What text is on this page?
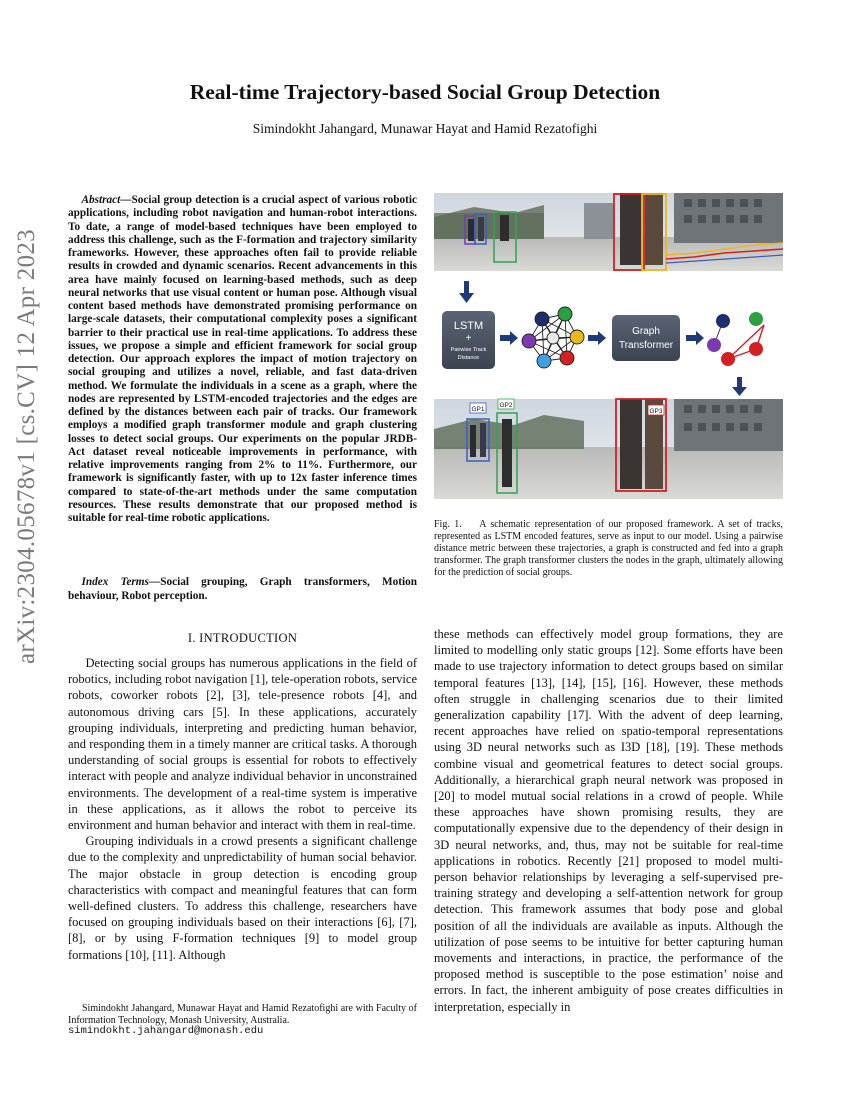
arXiv:2304.05678v1 [cs.CV] 12 Apr 2023
Real-time Trajectory-based Social Group Detection
Simindokht Jahangard, Munawar Hayat and Hamid Rezatofighi
Abstract—Social group detection is a crucial aspect of various robotic applications, including robot navigation and human-robot interactions. To date, a range of model-based techniques have been employed to address this challenge, such as the F-formation and trajectory similarity frameworks. However, these approaches often fail to provide reliable results in crowded and dynamic scenarios. Recent advancements in this area have mainly focused on learning-based methods, such as deep neural networks that use visual content or human pose. Although visual content based methods have demonstrated promising performance on large-scale datasets, their computational complexity poses a significant barrier to their practical use in real-time applications. To address these issues, we propose a simple and efficient framework for social group detection. Our approach explores the impact of motion trajectory on social grouping and utilizes a novel, reliable, and fast data-driven method. We formulate the individuals in a scene as a graph, where the nodes are represented by LSTM-encoded trajectories and the edges are defined by the distances between each pair of tracks. Our framework employs a modified graph transformer module and graph clustering losses to detect social groups. Our experiments on the popular JRDB-Act dataset reveal noticeable improvements in performance, with relative improvements ranging from 2% to 11%. Furthermore, our framework is significantly faster, with up to 12x faster inference times compared to state-of-the-art methods under the same computation resources. These results demonstrate that our proposed method is suitable for real-time robotic applications.
Index Terms—Social grouping, Graph transformers, Motion behaviour, Robot perception.
I. INTRODUCTION

Detecting social groups has numerous applications in the field of robotics, including robot navigation [1], tele-operation robots, service robots, coworker robots [2], [3], tele-presence robots [4], and autonomous driving cars [5]. In these applications, accurately grouping individuals, interpreting and predicting human behavior, and responding them in a timely manner are critical tasks. A thorough understanding of social groups is essential for robots to effectively interact with people and analyze individual behavior in unconstrained environments. The development of a real-time system is imperative in these applications, as it allows the robot to perceive its environment and human behavior and interact with them in real-time.

Grouping individuals in a crowd presents a significant challenge due to the complexity and unpredictability of human social behavior. The major obstacle in group detection is encoding group characteristics with compact and meaningful features that can form well-defined clusters. To address this challenge, researchers have focused on grouping individuals based on their interactions [6], [7], [8], or by using F-formation techniques [9] to model group formations [10], [11]. Although

these methods can effectively model group formations, they are limited to modelling only static groups [12]. Some efforts have been made to use trajectory information to detect groups based on similar temporal features [13], [14], [15], [16]. However, these methods often struggle in challenging scenarios due to their limited generalization capability [17]. With the advent of deep learning, recent approaches have relied on spatio-temporal representations using 3D neural networks such as I3D [18], [19]. These methods combine visual and geometrical features to detect social groups. Additionally, a hierarchical graph neural network was proposed in [20] to model mutual social relations in a crowd of people. While these approaches have shown promising results, they are computationally expensive due to the dependency of their design in 3D neural networks, and, thus, may not be suitable for real-time applications in robotics. Recently [21] proposed to model multi-person behavior relationships by leveraging a self-supervised pre-training strategy and developing a self-attention network for group detection. This framework assumes that body pose and global position of all the individuals are available as inputs. Although the utilization of pose seems to be intuitive for better capturing human movements and interactions, in practice, the performance of the proposed method is susceptible to the pose estimation’ noise and errors. In fact, the inherent ambiguity of pose creates difficulties in interpretation, especially in

Simindokht Jahangard, Munawar Hayat and Hamid Rezatofighi are with Faculty of Information Technology, Monash University, Australia.

simindokht.jahangard@monash.edu
LSTM
+
Pairwise Track
Distance
Graph
Transformer
GP1
GP2
GP3
Fig. 1. A schematic representation of our proposed framework. A set of tracks, represented as LSTM encoded features, serve as input to our model. Using a pairwise distance metric between these trajectories, a graph is constructed and fed into a graph transformer. The graph transformer clusters the nodes in the graph, ultimately allowing for the prediction of social groups.
